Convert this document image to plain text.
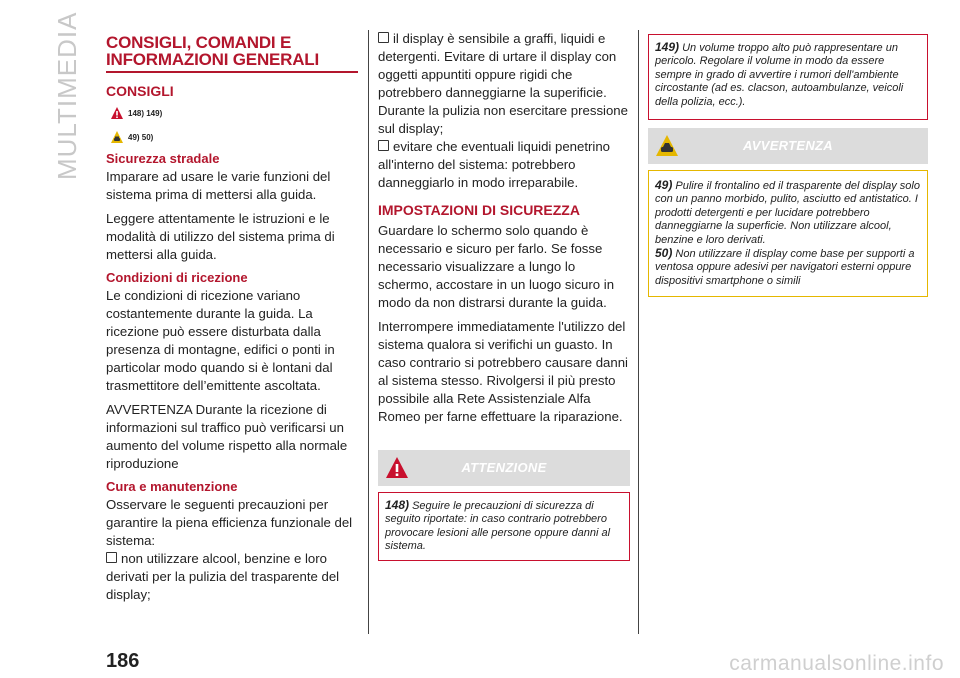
MULTIMEDIA CONSIGLI, COMANDI E
INFORMAZIONI GENERALI
CONSIGLI
148) 149)
49) 50)
Sicurezza stradale

Imparare ad usare le varie funzioni del sistema prima di mettersi alla guida.

Leggere attentamente le istruzioni e le modalità di utilizzo del sistema prima di mettersi alla guida.

Condizioni di ricezione

Le condizioni di ricezione variano costantemente durante la guida. La ricezione può essere disturbata dalla presenza di montagne, edifici o ponti in particolar modo quando si è lontani dal trasmettitore dell’emittente ascoltata.

AVVERTENZA Durante la ricezione di informazioni sul traffico può verificarsi un aumento del volume rispetto alla normale riproduzione

Cura e manutenzione

Osservare le seguenti precauzioni per garantire la piena efficienza funzionale del sistema:

non utilizzare alcool, benzine e loro derivati per la pulizia del trasparente del display;

il display è sensibile a graffi, liquidi e detergenti. Evitare di urtare il display con oggetti appuntiti oppure rigidi che potrebbero danneggiarne la superificie. Durante la pulizia non esercitare pressione sul display;

evitare che eventuali liquidi penetrino all'interno del sistema: potrebbero danneggiarlo in modo irreparabile.

IMPOSTAZIONI DI SICUREZZA

Guardare lo schermo solo quando è necessario e sicuro per farlo. Se fosse necessario visualizzare a lungo lo schermo, accostare in un luogo sicuro in modo da non distrarsi durante la guida.

Interrompere immediatamente l'utilizzo del sistema qualora si verifichi un guasto. In caso contrario si potrebbero causare danni al sistema stesso. Rivolgersi il più presto possibile alla Rete Assistenziale Alfa Romeo per farne effettuare la riparazione.

ATTENZIONE

148) Seguire le precauzioni di sicurezza di seguito riportate: in caso contrario potrebbero provocare lesioni alle persone oppure danni al sistema.

149) Un volume troppo alto può rappresentare un pericolo. Regolare il volume in modo da essere sempre in grado di avvertire i rumori dell'ambiente circostante (ad es. clacson, autoambulanze, veicoli della polizia, ecc.).

AVVERTENZA

49) Pulire il frontalino ed il trasparente del display solo con un panno morbido, pulito, asciutto ed antistatico. I prodotti detergenti e per lucidare potrebbero danneggiarne la superficie. Non utilizzare alcool, benzine e loro derivati.

50) Non utilizzare il display come base per supporti a ventosa oppure adesivi per navigatori esterni oppure dispositivi smartphone o simili

186	carmanualsonline.info
